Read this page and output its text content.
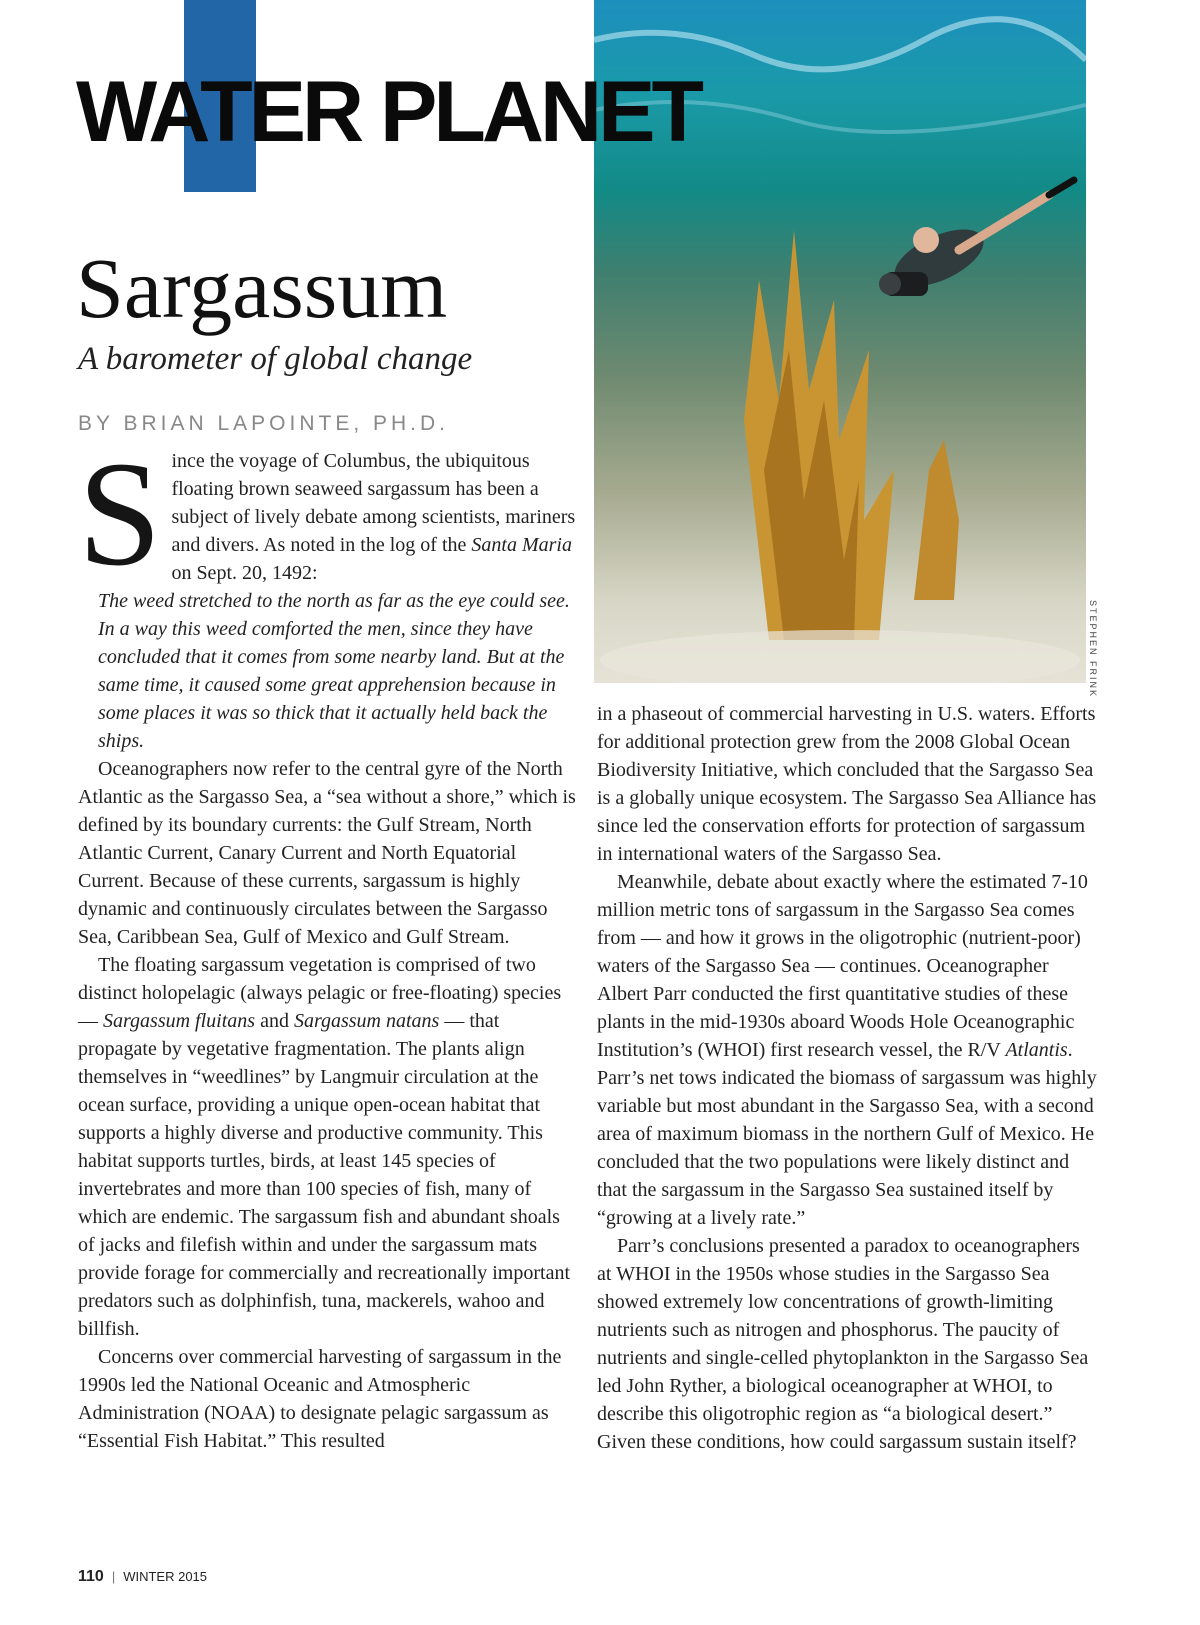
WATER PLANET
STEPHEN FRINK
Sargassum
A barometer of global change
BY BRIAN LAPOINTE, PH.D.

Since the voyage of Columbus, the ubiquitous floating brown seaweed sargassum has been a subject of lively debate among scientists, mariners and divers. As noted in the log of the Santa Maria on Sept. 20, 1492:

The weed stretched to the north as far as the eye could see. In a way this weed comforted the men, since they have concluded that it comes from some nearby land. But at the same time, it caused some great apprehension because in some places it was so thick that it actually held back the ships.

Oceanographers now refer to the central gyre of the North Atlantic as the Sargasso Sea, a “sea without a shore,” which is defined by its boundary currents: the Gulf Stream, North Atlantic Current, Canary Current and North Equatorial Current. Because of these currents, sargassum is highly dynamic and continuously circulates between the Sargasso Sea, Caribbean Sea, Gulf of Mexico and Gulf Stream.

The floating sargassum vegetation is comprised of two distinct holopelagic (always pelagic or free-floating) species — Sargassum fluitans and Sargassum natans — that propagate by vegetative fragmentation. The plants align themselves in “weedlines” by Langmuir circulation at the ocean surface, providing a unique open-ocean habitat that supports a highly diverse and productive community. This habitat supports turtles, birds, at least 145 species of invertebrates and more than 100 species of fish, many of which are endemic. The sargassum fish and abundant shoals of jacks and filefish within and under the sargassum mats provide forage for commercially and recreationally important predators such as dolphinfish, tuna, mackerels, wahoo and billfish.

Concerns over commercial harvesting of sargassum in the 1990s led the National Oceanic and Atmospheric Administration (NOAA) to designate pelagic sargassum as “Essential Fish Habitat.” This resulted

in a phaseout of commercial harvesting in U.S. waters. Efforts for additional protection grew from the 2008 Global Ocean Biodiversity Initiative, which concluded that the Sargasso Sea is a globally unique ecosystem. The Sargasso Sea Alliance has since led the conservation efforts for protection of sargassum in international waters of the Sargasso Sea.

Meanwhile, debate about exactly where the estimated 7-10 million metric tons of sargassum in the Sargasso Sea comes from — and how it grows in the oligotrophic (nutrient-poor) waters of the Sargasso Sea — continues. Oceanographer Albert Parr conducted the first quantitative studies of these plants in the mid-1930s aboard Woods Hole Oceanographic Institution’s (WHOI) first research vessel, the R/V Atlantis. Parr’s net tows indicated the biomass of sargassum was highly variable but most abundant in the Sargasso Sea, with a second area of maximum biomass in the northern Gulf of Mexico. He concluded that the two populations were likely distinct and that the sargassum in the Sargasso Sea sustained itself by “growing at a lively rate.”

Parr’s conclusions presented a paradox to oceanographers at WHOI in the 1950s whose studies in the Sargasso Sea showed extremely low concentrations of growth-limiting nutrients such as nitrogen and phosphorus. The paucity of nutrients and single-celled phytoplankton in the Sargasso Sea led John Ryther, a biological oceanographer at WHOI, to describe this oligotrophic region as “a biological desert.” Given these conditions, how could sargassum sustain itself?

110 | WINTER 2015
